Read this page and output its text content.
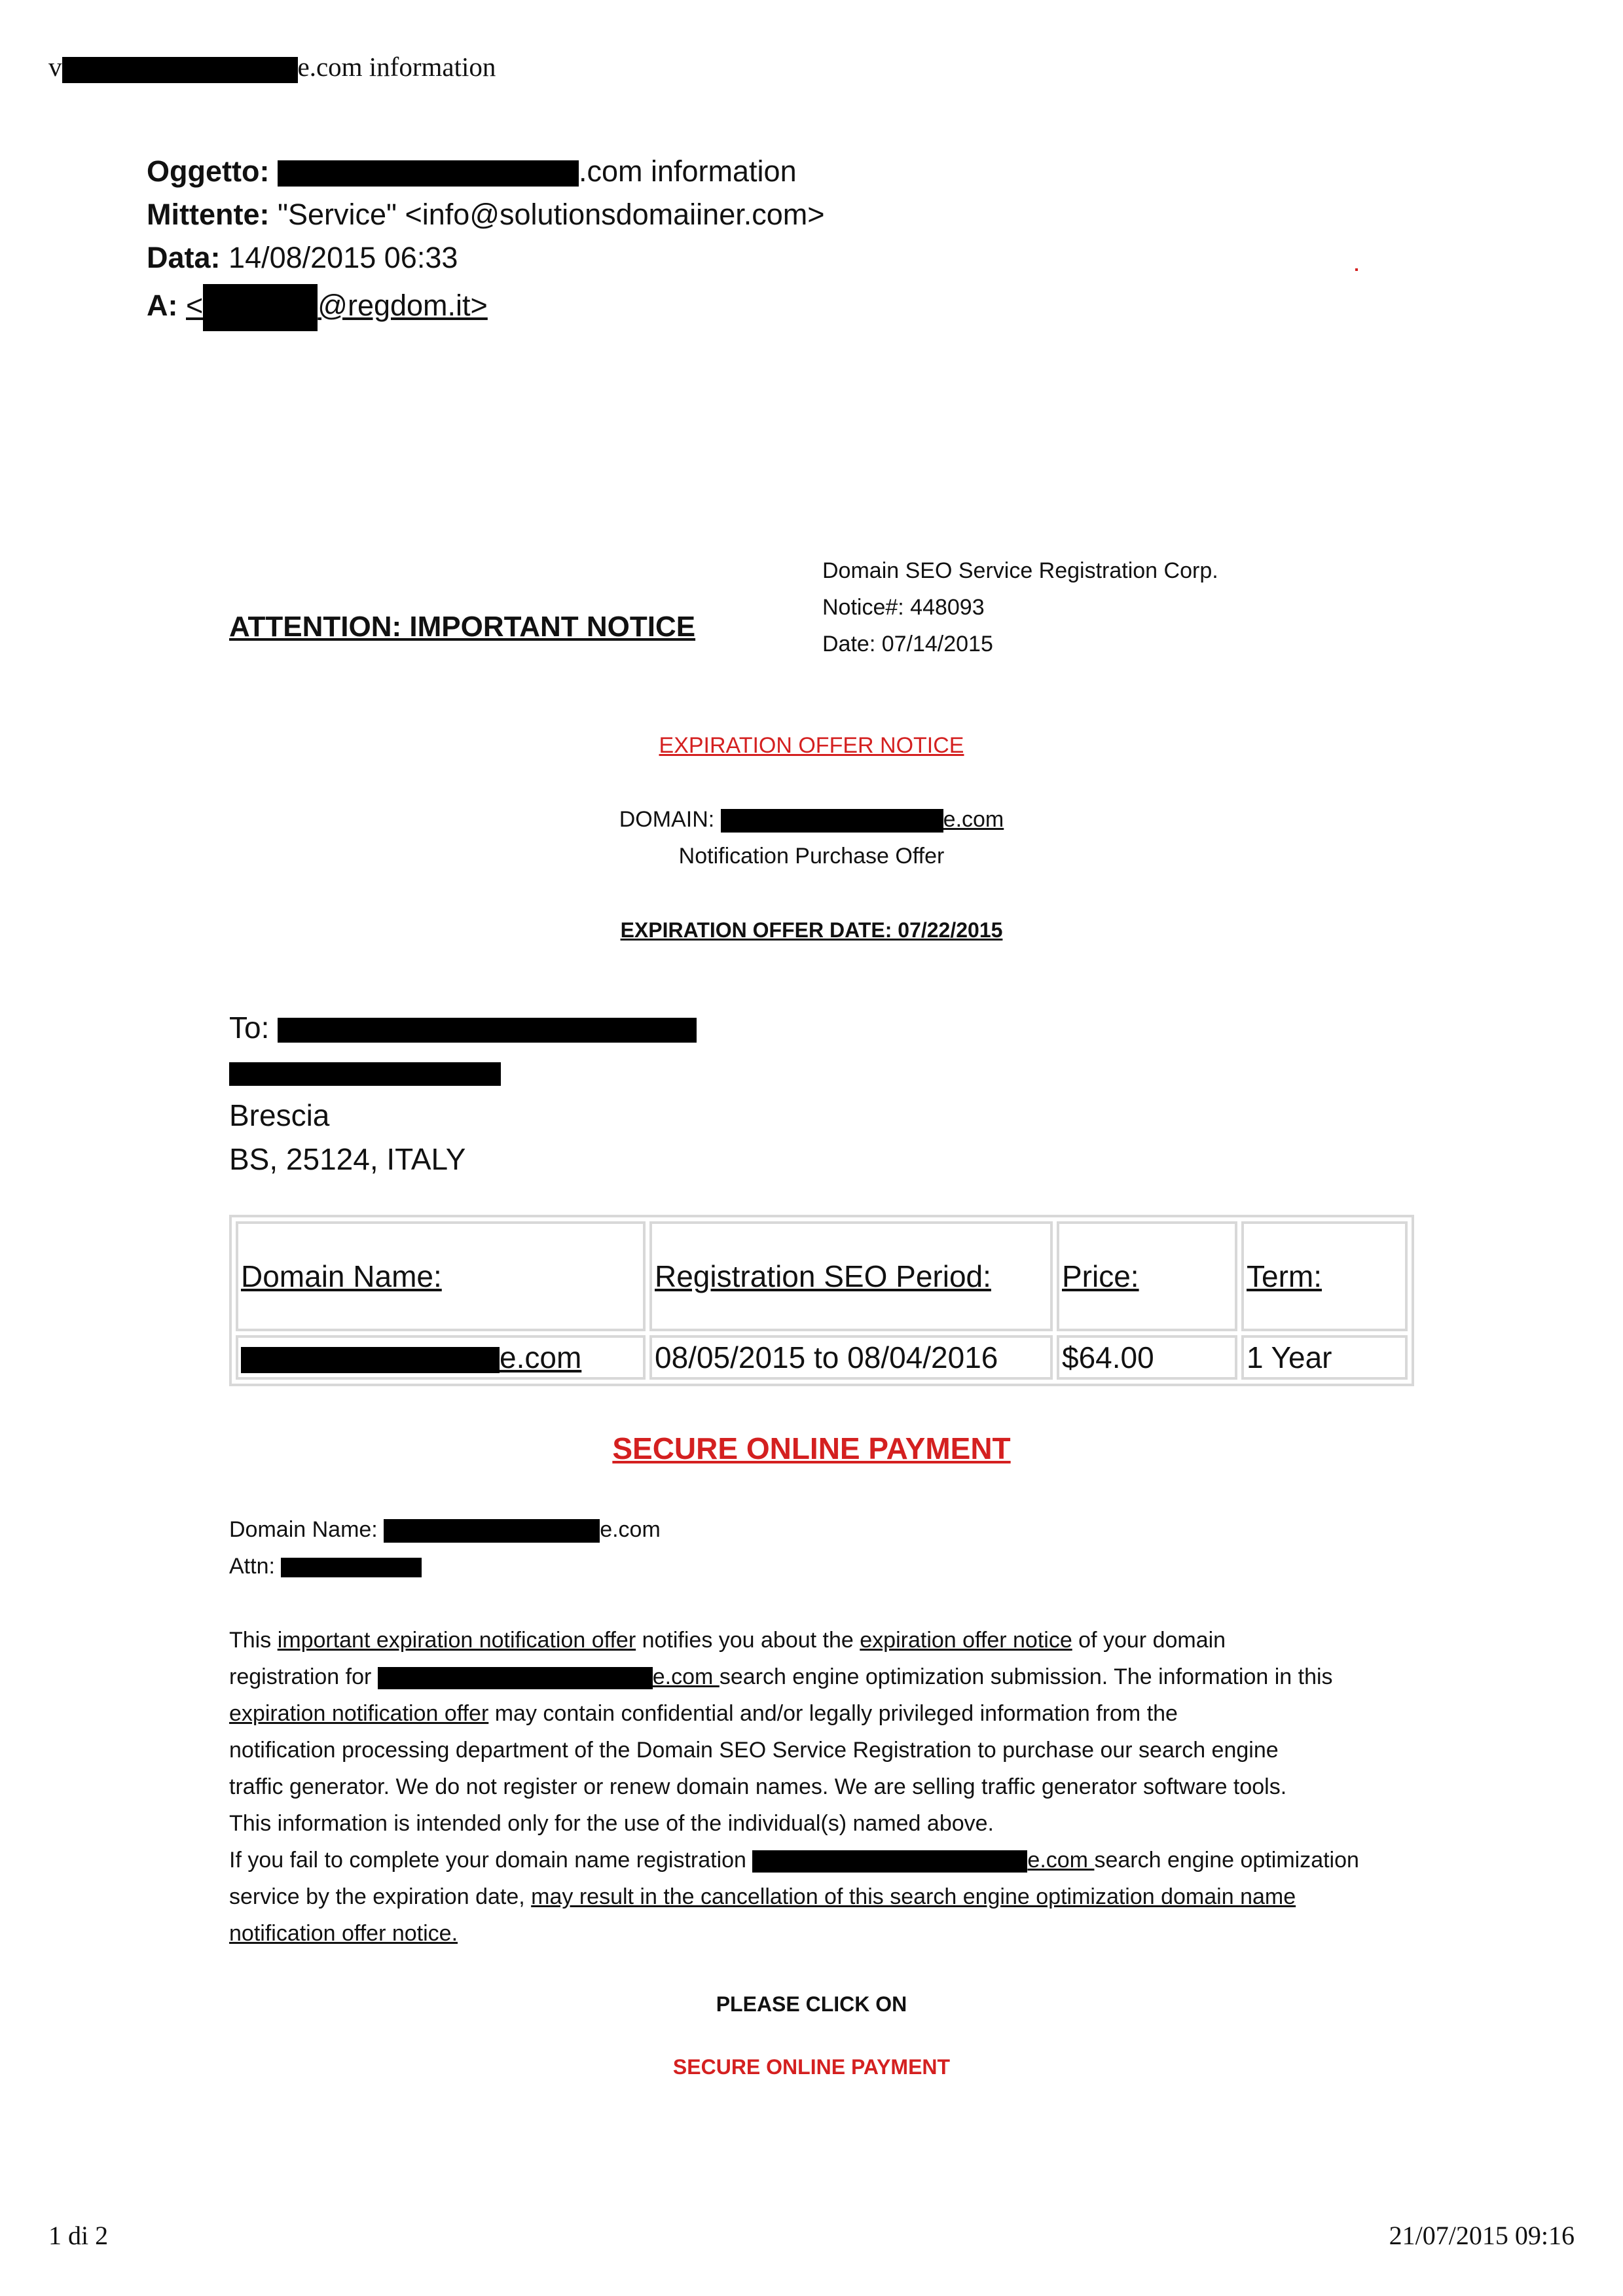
v	e.com information
Oggetto:	.com information
Mittente: "Service" <info@solutionsdomaiiner.com>
Data: 14/08/2015 06:33
A: <	@regdom.it>
ATTENTION: IMPORTANT NOTICE
Domain SEO Service Registration Corp.
Notice#: 448093
Date: 07/14/2015
EXPIRATION OFFER NOTICE
DOMAIN:	e.com
Notification Purchase Offer
EXPIRATION OFFER DATE: 07/22/2015
To:
Brescia
BS, 25124, ITALY
Domain Name:	Registration SEO Period:	Price:	Term:
e.com	08/05/2015 to 08/04/2016	$64.00	1 Year
SECURE ONLINE PAYMENT
Domain Name:	e.com
Attn:
This important expiration notification offer notifies you about the expiration offer notice of your domain
registration for	e.com search engine optimization submission. The information in this
expiration notification offer may contain confidential and/or legally privileged information from the
notification processing department of the Domain SEO Service Registration to purchase our search engine
traffic generator. We do not register or renew domain names. We are selling traffic generator software tools.
This information is intended only for the use of the individual(s) named above.
If you fail to complete your domain name registration	e.com search engine optimization
service by the expiration date, may result in the cancellation of this search engine optimization domain name
notification offer notice.
PLEASE CLICK ON
SECURE ONLINE PAYMENT
1 di 2	21/07/2015 09:16
